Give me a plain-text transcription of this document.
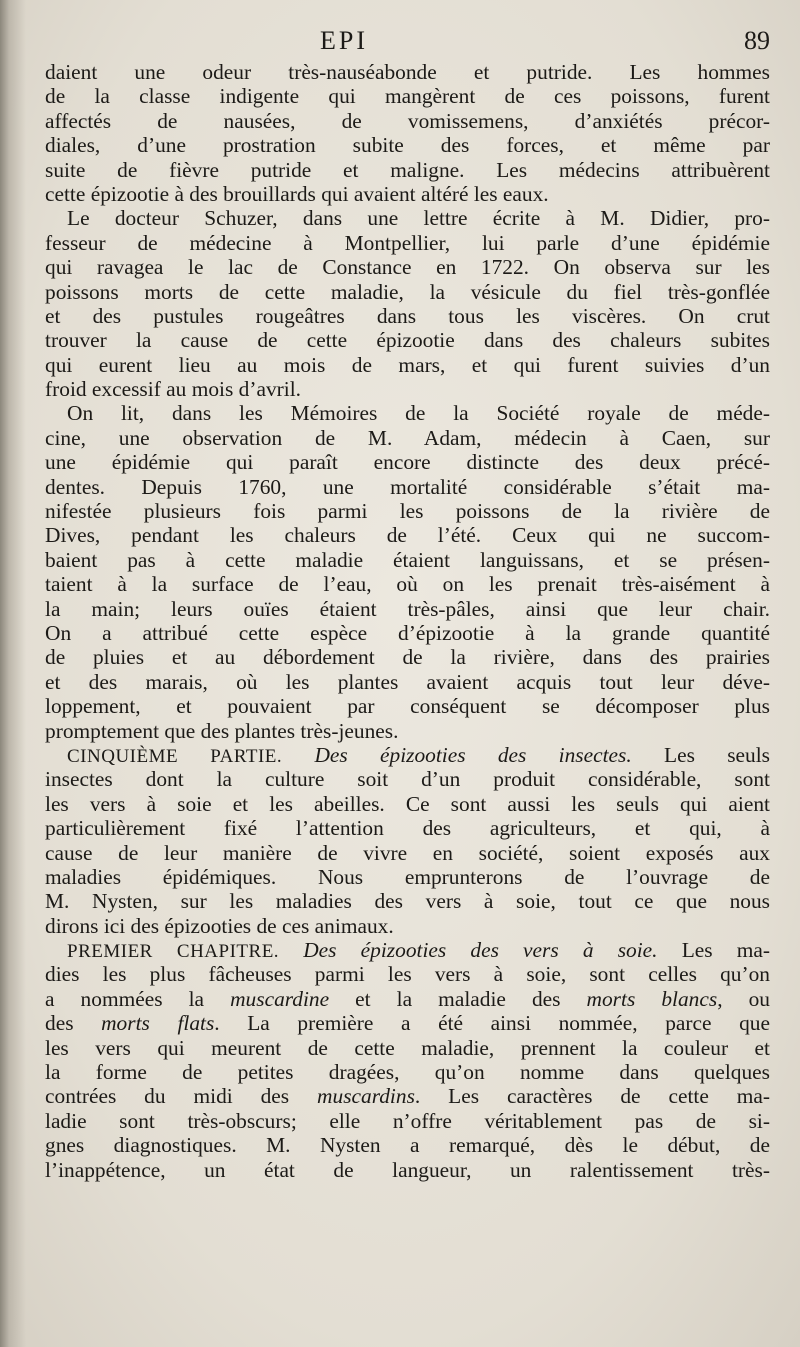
EPI	89
daient une odeur très-nauséabonde et putride. Les hommes
de la classe indigente qui mangèrent de ces poissons, furent
affectés de nausées, de vomissemens, d’anxiétés précor-
diales, d’une prostration subite des forces, et même par
suite de fièvre putride et maligne. Les médecins attribuèrent
cette épizootie à des brouillards qui avaient altéré les eaux.
Le docteur Schuzer, dans une lettre écrite à M. Didier, pro-
fesseur de médecine à Montpellier, lui parle d’une épidémie
qui ravagea le lac de Constance en 1722. On observa sur les
poissons morts de cette maladie, la vésicule du fiel très-gonflée
et des pustules rougeâtres dans tous les viscères. On crut
trouver la cause de cette épizootie dans des chaleurs subites
qui eurent lieu au mois de mars, et qui furent suivies d’un
froid excessif au mois d’avril.
On lit, dans les Mémoires de la Société royale de méde-
cine, une observation de M. Adam, médecin à Caen, sur
une épidémie qui paraît encore distincte des deux précé-
dentes. Depuis 1760, une mortalité considérable s’était ma-
nifestée plusieurs fois parmi les poissons de la rivière de
Dives, pendant les chaleurs de l’été. Ceux qui ne succom-
baient pas à cette maladie étaient languissans, et se présen-
taient à la surface de l’eau, où on les prenait très-aisément à
la main; leurs ouïes étaient très-pâles, ainsi que leur chair.
On a attribué cette espèce d’épizootie à la grande quantité
de pluies et au débordement de la rivière, dans des prairies
et des marais, où les plantes avaient acquis tout leur déve-
loppement, et pouvaient par conséquent se décomposer plus
promptement que des plantes très-jeunes.
CINQUIÈME PARTIE. Des épizooties des insectes. Les seuls
insectes dont la culture soit d’un produit considérable, sont
les vers à soie et les abeilles. Ce sont aussi les seuls qui aient
particulièrement fixé l’attention des agriculteurs, et qui, à
cause de leur manière de vivre en société, soient exposés aux
maladies épidémiques. Nous emprunterons de l’ouvrage de
M. Nysten, sur les maladies des vers à soie, tout ce que nous
dirons ici des épizooties de ces animaux.
PREMIER CHAPITRE. Des épizooties des vers à soie. Les ma-
dies les plus fâcheuses parmi les vers à soie, sont celles qu’on
a nommées la muscardine et la maladie des morts blancs, ou
des morts flats. La première a été ainsi nommée, parce que
les vers qui meurent de cette maladie, prennent la couleur et
la forme de petites dragées, qu’on nomme dans quelques
contrées du midi des muscardins. Les caractères de cette ma-
ladie sont très-obscurs; elle n’offre véritablement pas de si-
gnes diagnostiques. M. Nysten a remarqué, dès le début, de
l’inappétence, un état de langueur, un ralentissement très-
